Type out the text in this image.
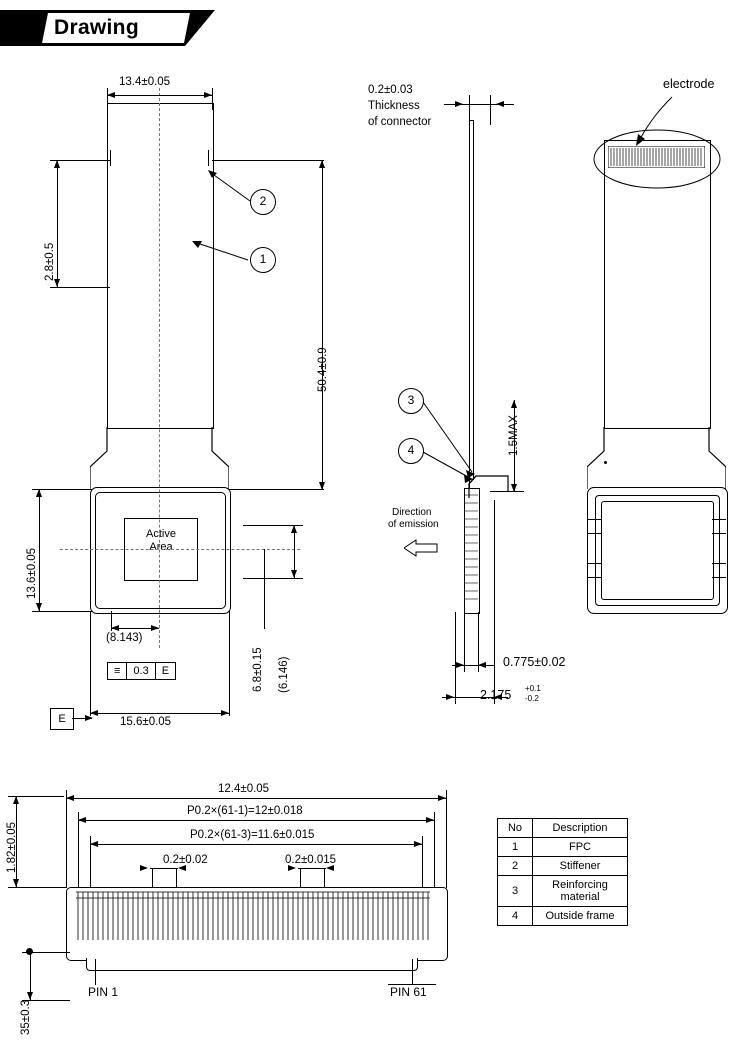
Drawing
Active
Area
13.4±0.05
2.8±0.5
50.4±0.9
13.6±0.05
(8.143)
6.8±0.15 (6.146)
15.6±0.05
≡	0.3	E
E
2
1
0.2±0.03
Thickness
of connector
1.5MAX
3
4
Direction
of emission
0.775±0.02
2.175 +0.1
-0.2
electrode
12.4±0.05
P0.2×(61-1)=12±0.018
P0.2×(61-3)=11.6±0.015
0.2±0.02	0.2±0.015
1.82±0.05
35±0.3
PIN 1	PIN 61
No	Description
1	FPC
2	Stiffener
3	Reinforcing material
4	Outside frame
